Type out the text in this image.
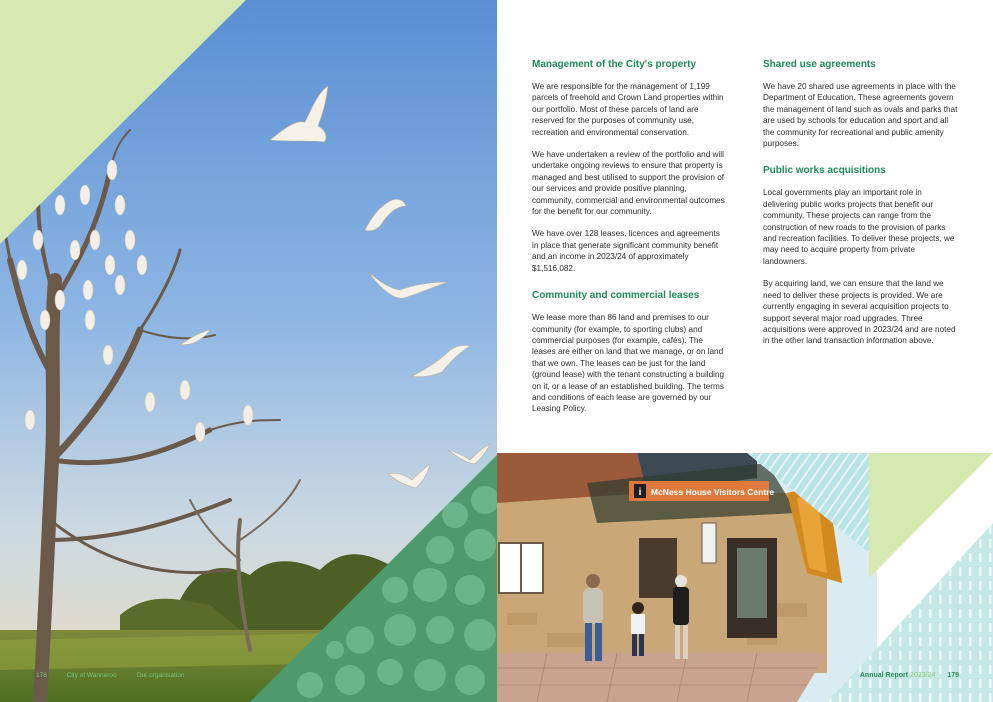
Management of the City's property

We are responsible for the management of 1,199 parcels of freehold and Crown Land properties within our portfolio. Most of these parcels of land are reserved for the purposes of community use, recreation and environmental conservation.

We have undertaken a review of the portfolio and will undertake ongoing reviews to ensure that property is managed and best utilised to support the provision of our services and provide positive planning, community, commercial and environmental outcomes for the benefit for our community.

We have over 128 leases, licences and agreements in place that generate significant community benefit and an income in 2023/24 of approximately $1,516,082.

Community and commercial leases

We lease more than 86 land and premises to our community (for example, to sporting clubs) and commercial purposes (for example, cafés). The leases are either on land that we manage, or on land that we own. The leases can be just for the land (ground lease) with the tenant constructing a building on it, or a lease of an established building. The terms and conditions of each lease are governed by our Leasing Policy.

Shared use agreements

We have 20 shared use agreements in place with the Department of Education. These agreements govern the management of land such as ovals and parks that are used by schools for education and sport and all the community for recreational and public amenity purposes.

Public works acquisitions

Local governments play an important role in delivering public works projects that benefit our community. These projects can range from the construction of new roads to the provision of parks and recreation facilities. To deliver these projects, we may need to acquire property from private landowners.

By acquiring land, we can ensure that the land we need to deliver these projects is provided. We are currently engaging in several acquisition projects to support several major road upgrades. Three acquisitions were approved in 2023/24 and are noted in the other land transaction information above.

i McNess House Visitors Centre
178	City of Wanneroo	Our organisation	Annual Report 2023/24 179
